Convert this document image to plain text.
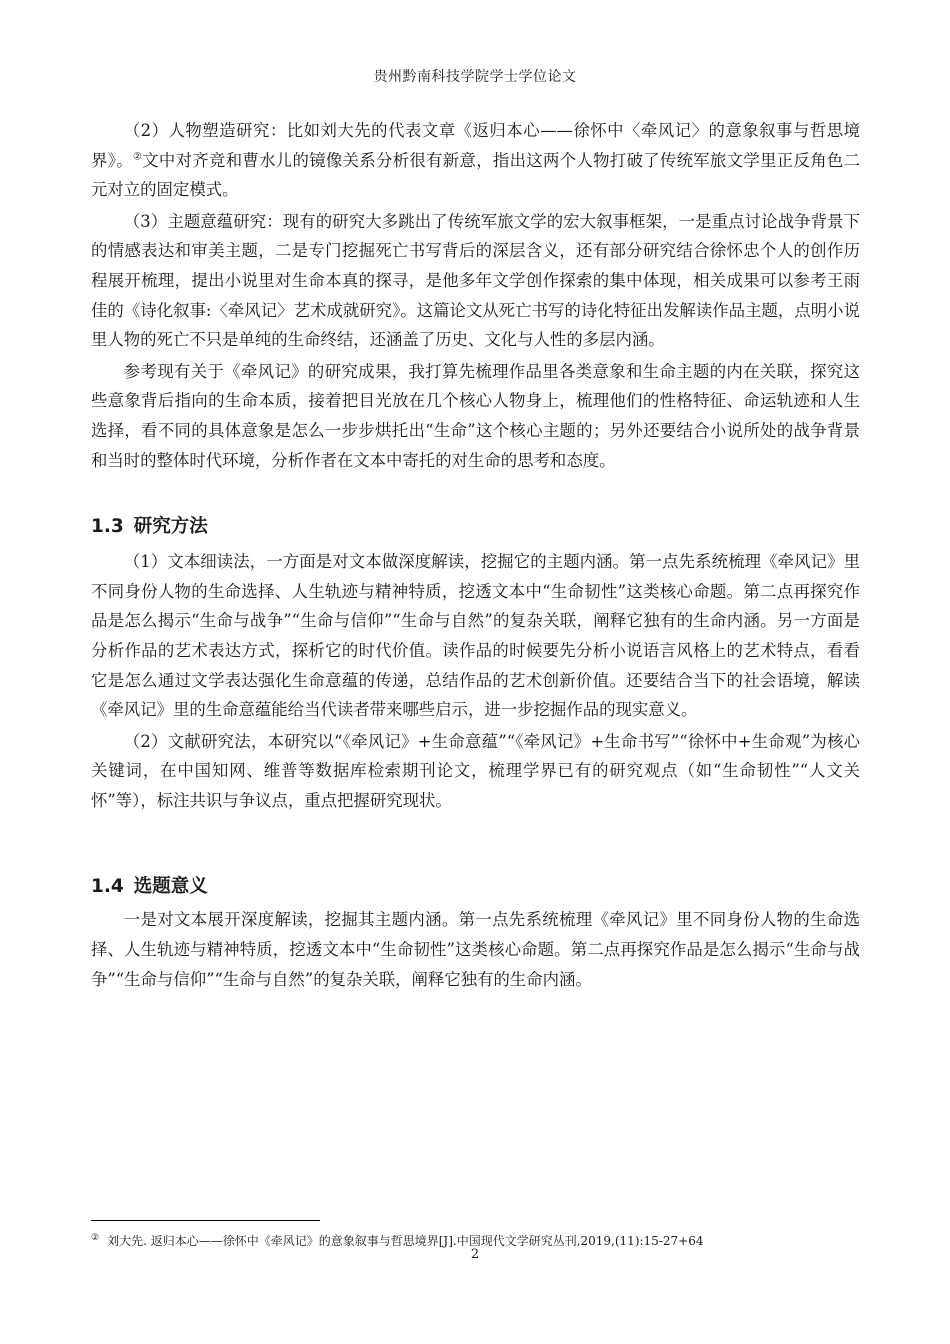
贵州黔南科技学院学士学位论文

（2）人物塑造研究：比如刘大先的代表文章《返归本心——徐怀中〈牵风记〉的意象叙事与哲思境界》。②文中对齐竞和曹水儿的镜像关系分析很有新意，指出这两个人物打破了传统军旅文学里正反角色二元对立的固定模式。

（3）主题意蕴研究：现有的研究大多跳出了传统军旅文学的宏大叙事框架，一是重点讨论战争背景下的情感表达和审美主题，二是专门挖掘死亡书写背后的深层含义，还有部分研究结合徐怀忠个人的创作历程展开梳理，提出小说里对生命本真的探寻，是他多年文学创作探索的集中体现，相关成果可以参考王雨佳的《诗化叙事:〈牵风记〉艺术成就研究》。这篇论文从死亡书写的诗化特征出发解读作品主题，点明小说里人物的死亡不只是单纯的生命终结，还涵盖了历史、文化与人性的多层内涵。

参考现有关于《牵风记》的研究成果，我打算先梳理作品里各类意象和生命主题的内在关联，探究这些意象背后指向的生命本质，接着把目光放在几个核心人物身上，梳理他们的性格特征、命运轨迹和人生选择，看不同的具体意象是怎么一步步烘托出“生命”这个核心主题的；另外还要结合小说所处的战争背景和当时的整体时代环境，分析作者在文本中寄托的对生命的思考和态度。

1.3 研究方法

（1）文本细读法，一方面是对文本做深度解读，挖掘它的主题内涵。第一点先系统梳理《牵风记》里不同身份人物的生命选择、人生轨迹与精神特质，挖透文本中“生命韧性”这类核心命题。第二点再探究作品是怎么揭示“生命与战争”“生命与信仰”“生命与自然”的复杂关联，阐释它独有的生命内涵。另一方面是分析作品的艺术表达方式，探析它的时代价值。读作品的时候要先分析小说语言风格上的艺术特点，看看它是怎么通过文学表达强化生命意蕴的传递，总结作品的艺术创新价值。还要结合当下的社会语境，解读《牵风记》里的生命意蕴能给当代读者带来哪些启示，进一步挖掘作品的现实意义。

（2）文献研究法，本研究以“《牵风记》+生命意蕴”“《牵风记》+生命书写”“徐怀中+生命观”为核心关键词，在中国知网、维普等数据库检索期刊论文，梳理学界已有的研究观点（如“生命韧性”“人文关怀”等），标注共识与争议点，重点把握研究现状。

1.4 选题意义

一是对文本展开深度解读，挖掘其主题内涵。第一点先系统梳理《牵风记》里不同身份人物的生命选择、人生轨迹与精神特质，挖透文本中“生命韧性”这类核心命题。第二点再探究作品是怎么揭示“生命与战争”“生命与信仰”“生命与自然”的复杂关联，阐释它独有的生命内涵。

② 刘大先. 返归本心——徐怀中《牵风记》的意象叙事与哲思境界[J].中国现代文学研究丛刊,2019,(11):15-27+64
2
